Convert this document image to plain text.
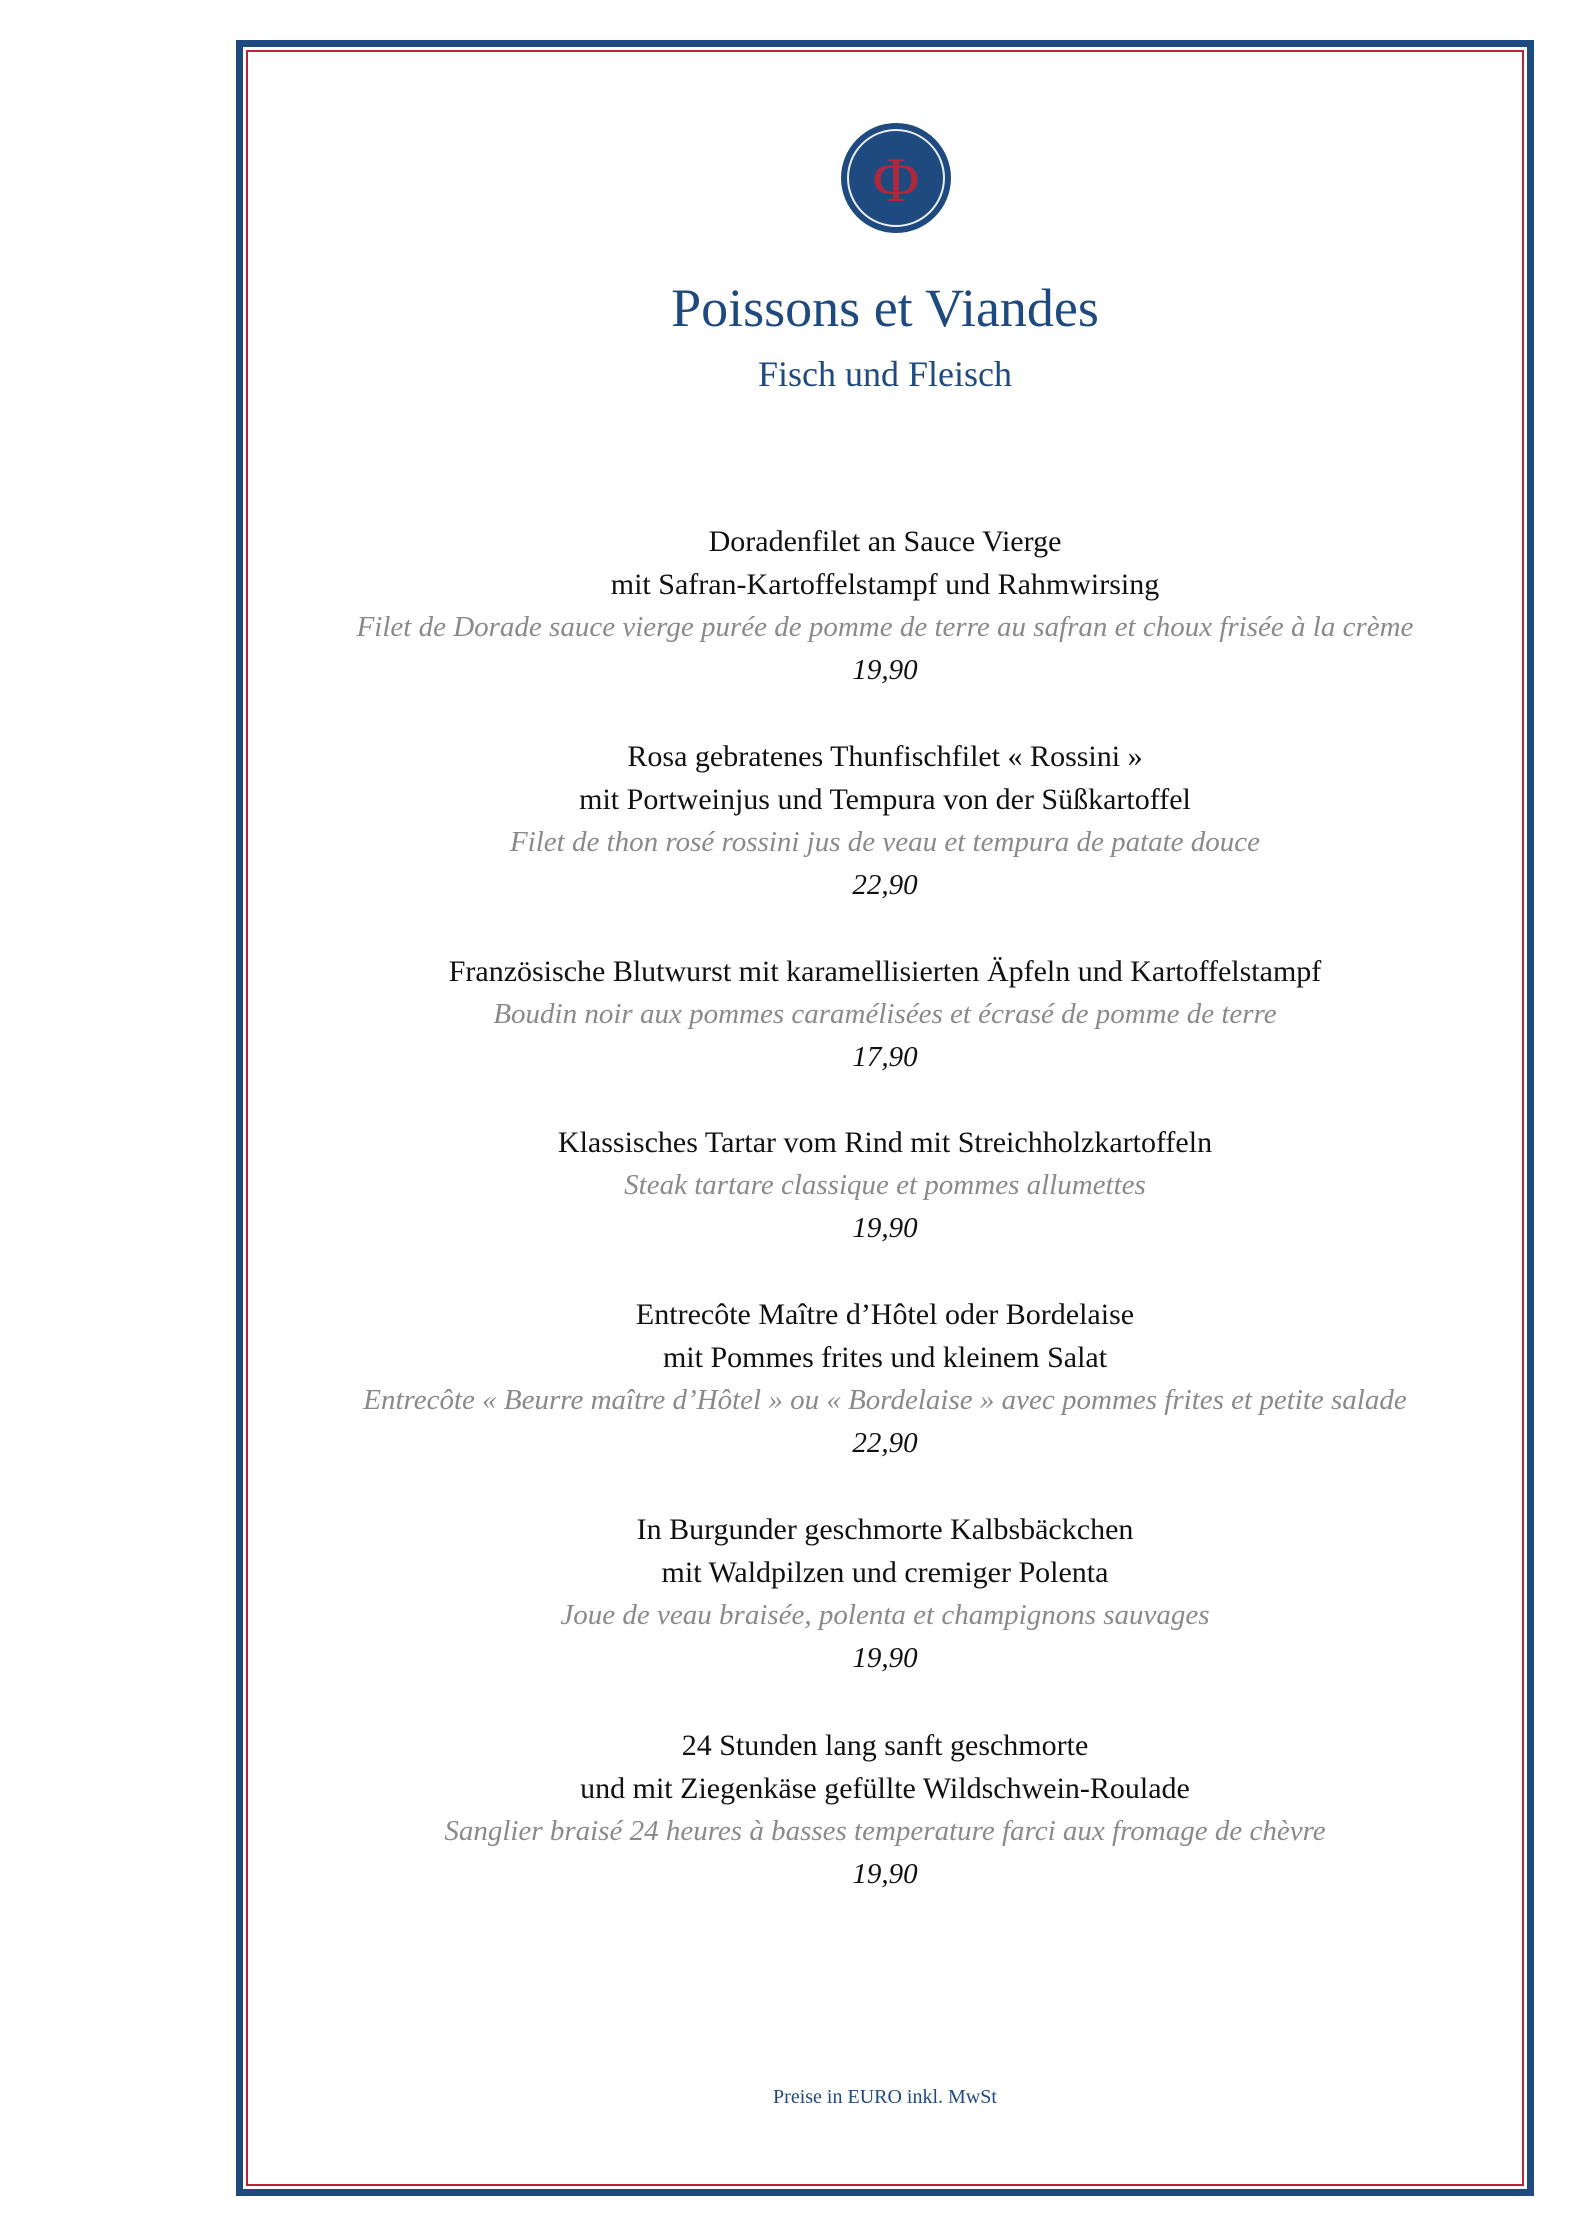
Φ
Poissons et Viandes
Fisch und Fleisch
Doradenfilet an Sauce Vierge
mit Safran-Kartoffelstampf und Rahmwirsing
Filet de Dorade sauce vierge purée de pomme de terre au safran et choux frisée à la crème
19,90
Rosa gebratenes Thunfischfilet « Rossini »
mit Portweinjus und Tempura von der Süßkartoffel
Filet de thon rosé rossini jus de veau et tempura de patate douce
22,90
Französische Blutwurst mit karamellisierten Äpfeln und Kartoffelstampf
Boudin noir aux pommes caramélisées et écrasé de pomme de terre
17,90
Klassisches Tartar vom Rind mit Streichholzkartoffeln
Steak tartare classique et pommes allumettes
19,90
Entrecôte Maître d’Hôtel oder Bordelaise
mit Pommes frites und kleinem Salat
Entrecôte « Beurre maître d’Hôtel » ou « Bordelaise » avec pommes frites et petite salade
22,90
In Burgunder geschmorte Kalbsbäckchen
mit Waldpilzen und cremiger Polenta
Joue de veau braisée, polenta et champignons sauvages
19,90
24 Stunden lang sanft geschmorte
und mit Ziegenkäse gefüllte Wildschwein-Roulade
Sanglier braisé 24 heures à basses temperature farci aux fromage de chèvre
19,90
Preise in EURO inkl. MwSt
